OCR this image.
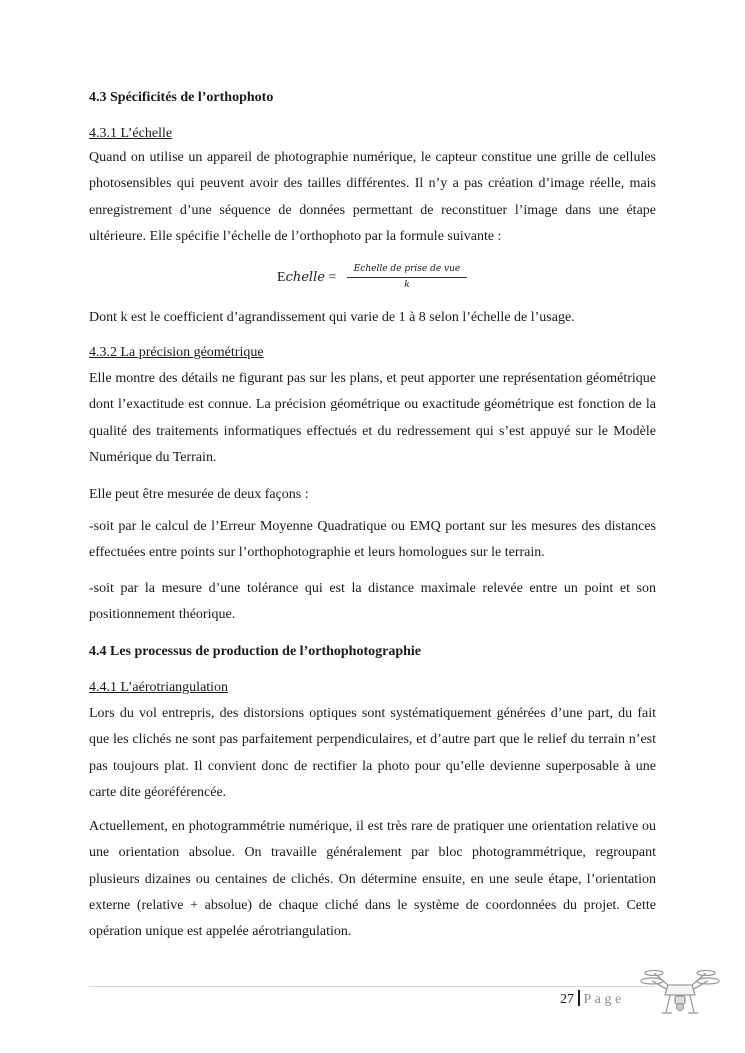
4.3 Spécificités de l’orthophoto
4.3.1 L’échelle
Quand on utilise un appareil de photographie numérique, le capteur constitue une grille de cellules photosensibles qui peuvent avoir des tailles différentes. Il n’y a pas création d’image réelle, mais enregistrement d’une séquence de données permettant de reconstituer l’image dans une étape ultérieure. Elle spécifie l’échelle de l’orthophoto par la formule suivante :
Echelle =
Echelle de prise de vue
k
Dont k est le coefficient d’agrandissement qui varie de 1 à 8 selon l’échelle de l’usage.
4.3.2 La précision géométrique
Elle montre des détails ne figurant pas sur les plans, et peut apporter une représentation géométrique dont l’exactitude est connue. La précision géométrique ou exactitude géométrique est fonction de la qualité des traitements informatiques effectués et du redressement qui s’est appuyé sur le Modèle Numérique du Terrain.
Elle peut être mesurée de deux façons :
-soit par le calcul de l’Erreur Moyenne Quadratique ou EMQ portant sur les mesures des distances effectuées entre points sur l’orthophotographie et leurs homologues sur le terrain.
-soit par la mesure d’une tolérance qui est la distance maximale relevée entre un point et son positionnement théorique.
4.4 Les processus de production de l’orthophotographie
4.4.1 L’aérotriangulation
Lors du vol entrepris, des distorsions optiques sont systématiquement générées d’une part, du fait que les clichés ne sont pas parfaitement perpendiculaires, et d’autre part que le relief du terrain n’est pas toujours plat. Il convient donc de rectifier la photo pour qu’elle devienne superposable à une carte dite géoréférencée.
Actuellement, en photogrammétrie numérique, il est très rare de pratiquer une orientation relative ou une orientation absolue. On travaille généralement par bloc photogrammétrique, regroupant plusieurs dizaines ou centaines de clichés. On détermine ensuite, en une seule étape, l’orientation externe (relative + absolue) de chaque cliché dans le système de coordonnées du projet. Cette opération unique est appelée aérotriangulation.
27 Page
